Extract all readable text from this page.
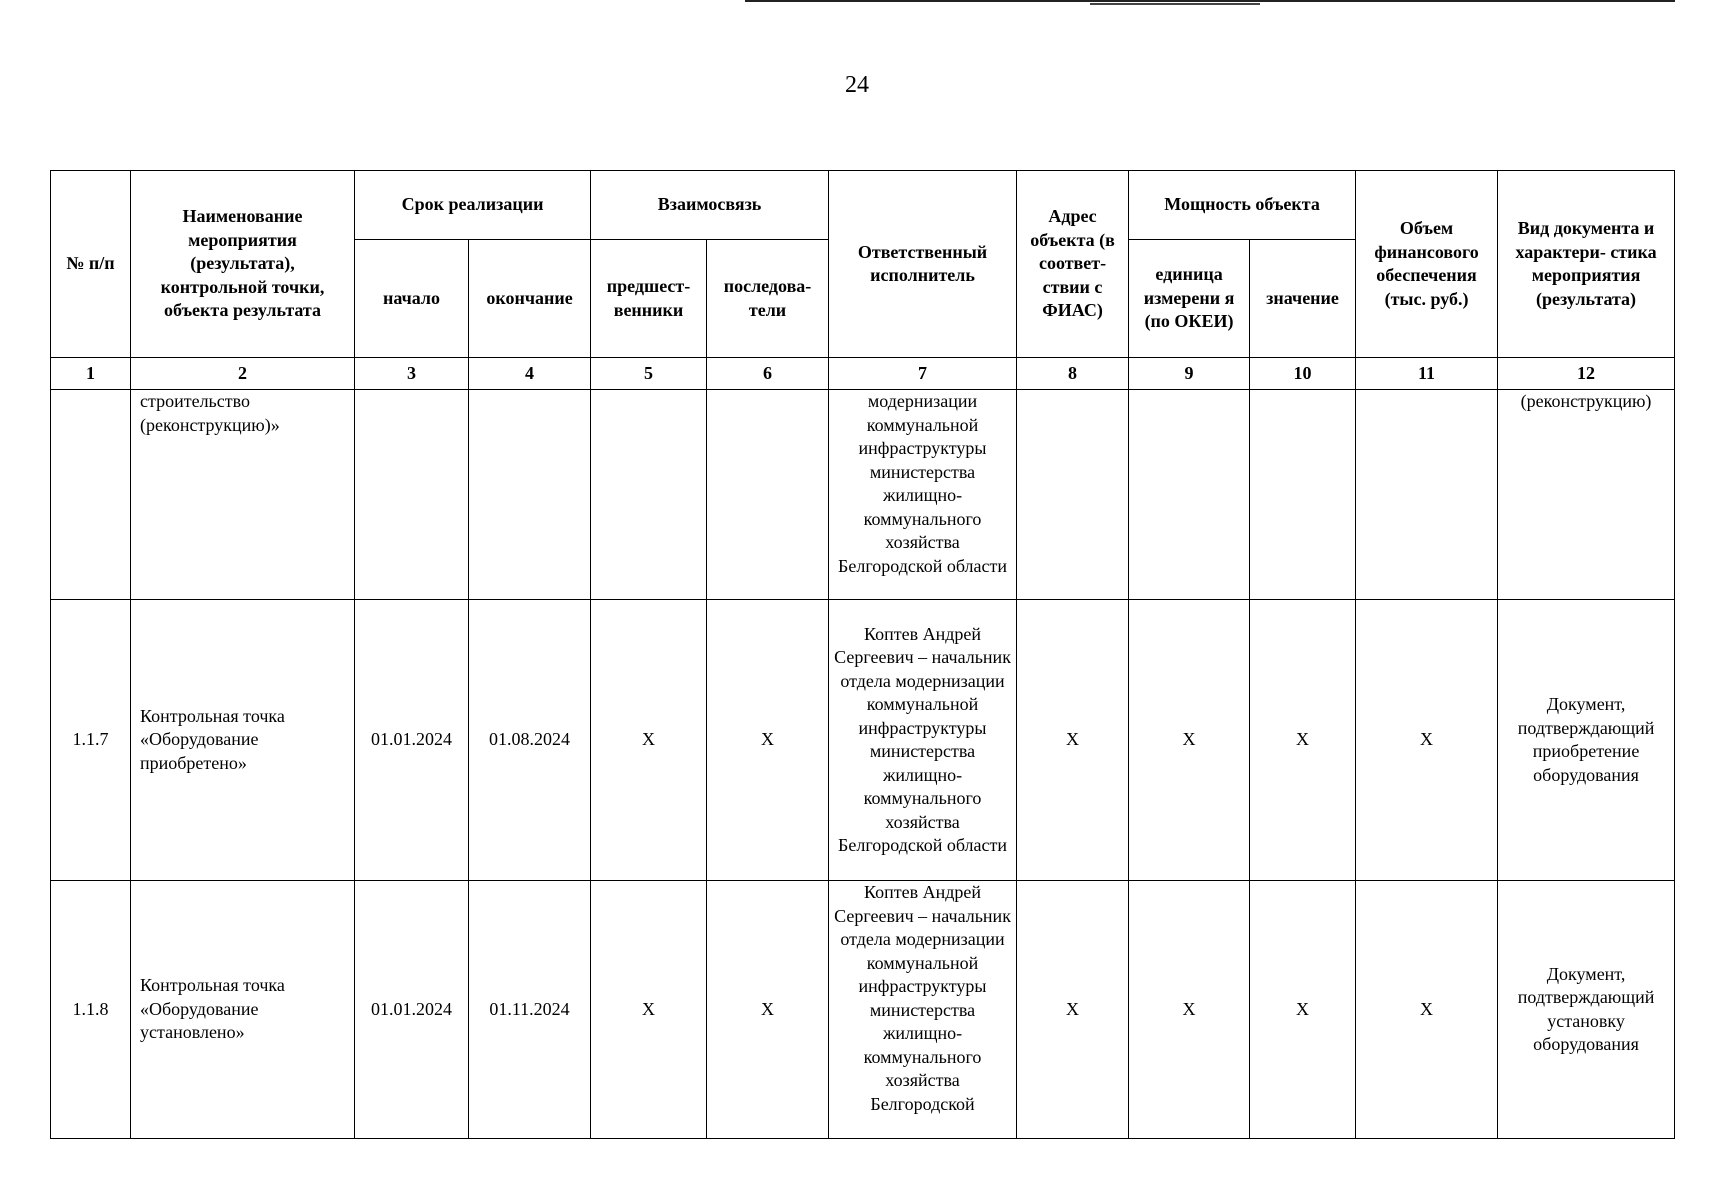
24
№ п/п	Наименование мероприятия (результата), контрольной точки, объекта результата	Срок реализации		Взаимосвязь		Ответственный исполнитель	Адрес объекта (в соответ- ствии с ФИАС)	Мощность объекта		Объем финансового обеспечения (тыс. руб.)	Вид документа и характери- стика мероприятия (результата)
		начало	окончание	предшест- венники	последова- тели			единица измерени я (по ОКЕИ)	значение		
1	2	3	4	5	6	7	8	9	10	11	12
	строительство (реконструкцию)»					модернизации коммунальной инфраструктуры министерства жилищно- коммунального хозяйства Белгородской области					(реконструкцию)
1.1.7	Контрольная точка «Оборудование приобретено»	01.01.2024	01.08.2024	Х	Х	Коптев Андрей Сергеевич – начальник отдела модернизации коммунальной инфраструктуры министерства жилищно- коммунального хозяйства Белгородской области	Х	Х	Х	Х	Документ, подтверждающий приобретение оборудования
1.1.8	Контрольная точка «Оборудование установлено»	01.01.2024	01.11.2024	Х	Х	Коптев Андрей Сергеевич – начальник отдела модернизации коммунальной инфраструктуры министерства жилищно- коммунального хозяйства Белгородской	Х	Х	Х	Х	Документ, подтверждающий установку оборудования
